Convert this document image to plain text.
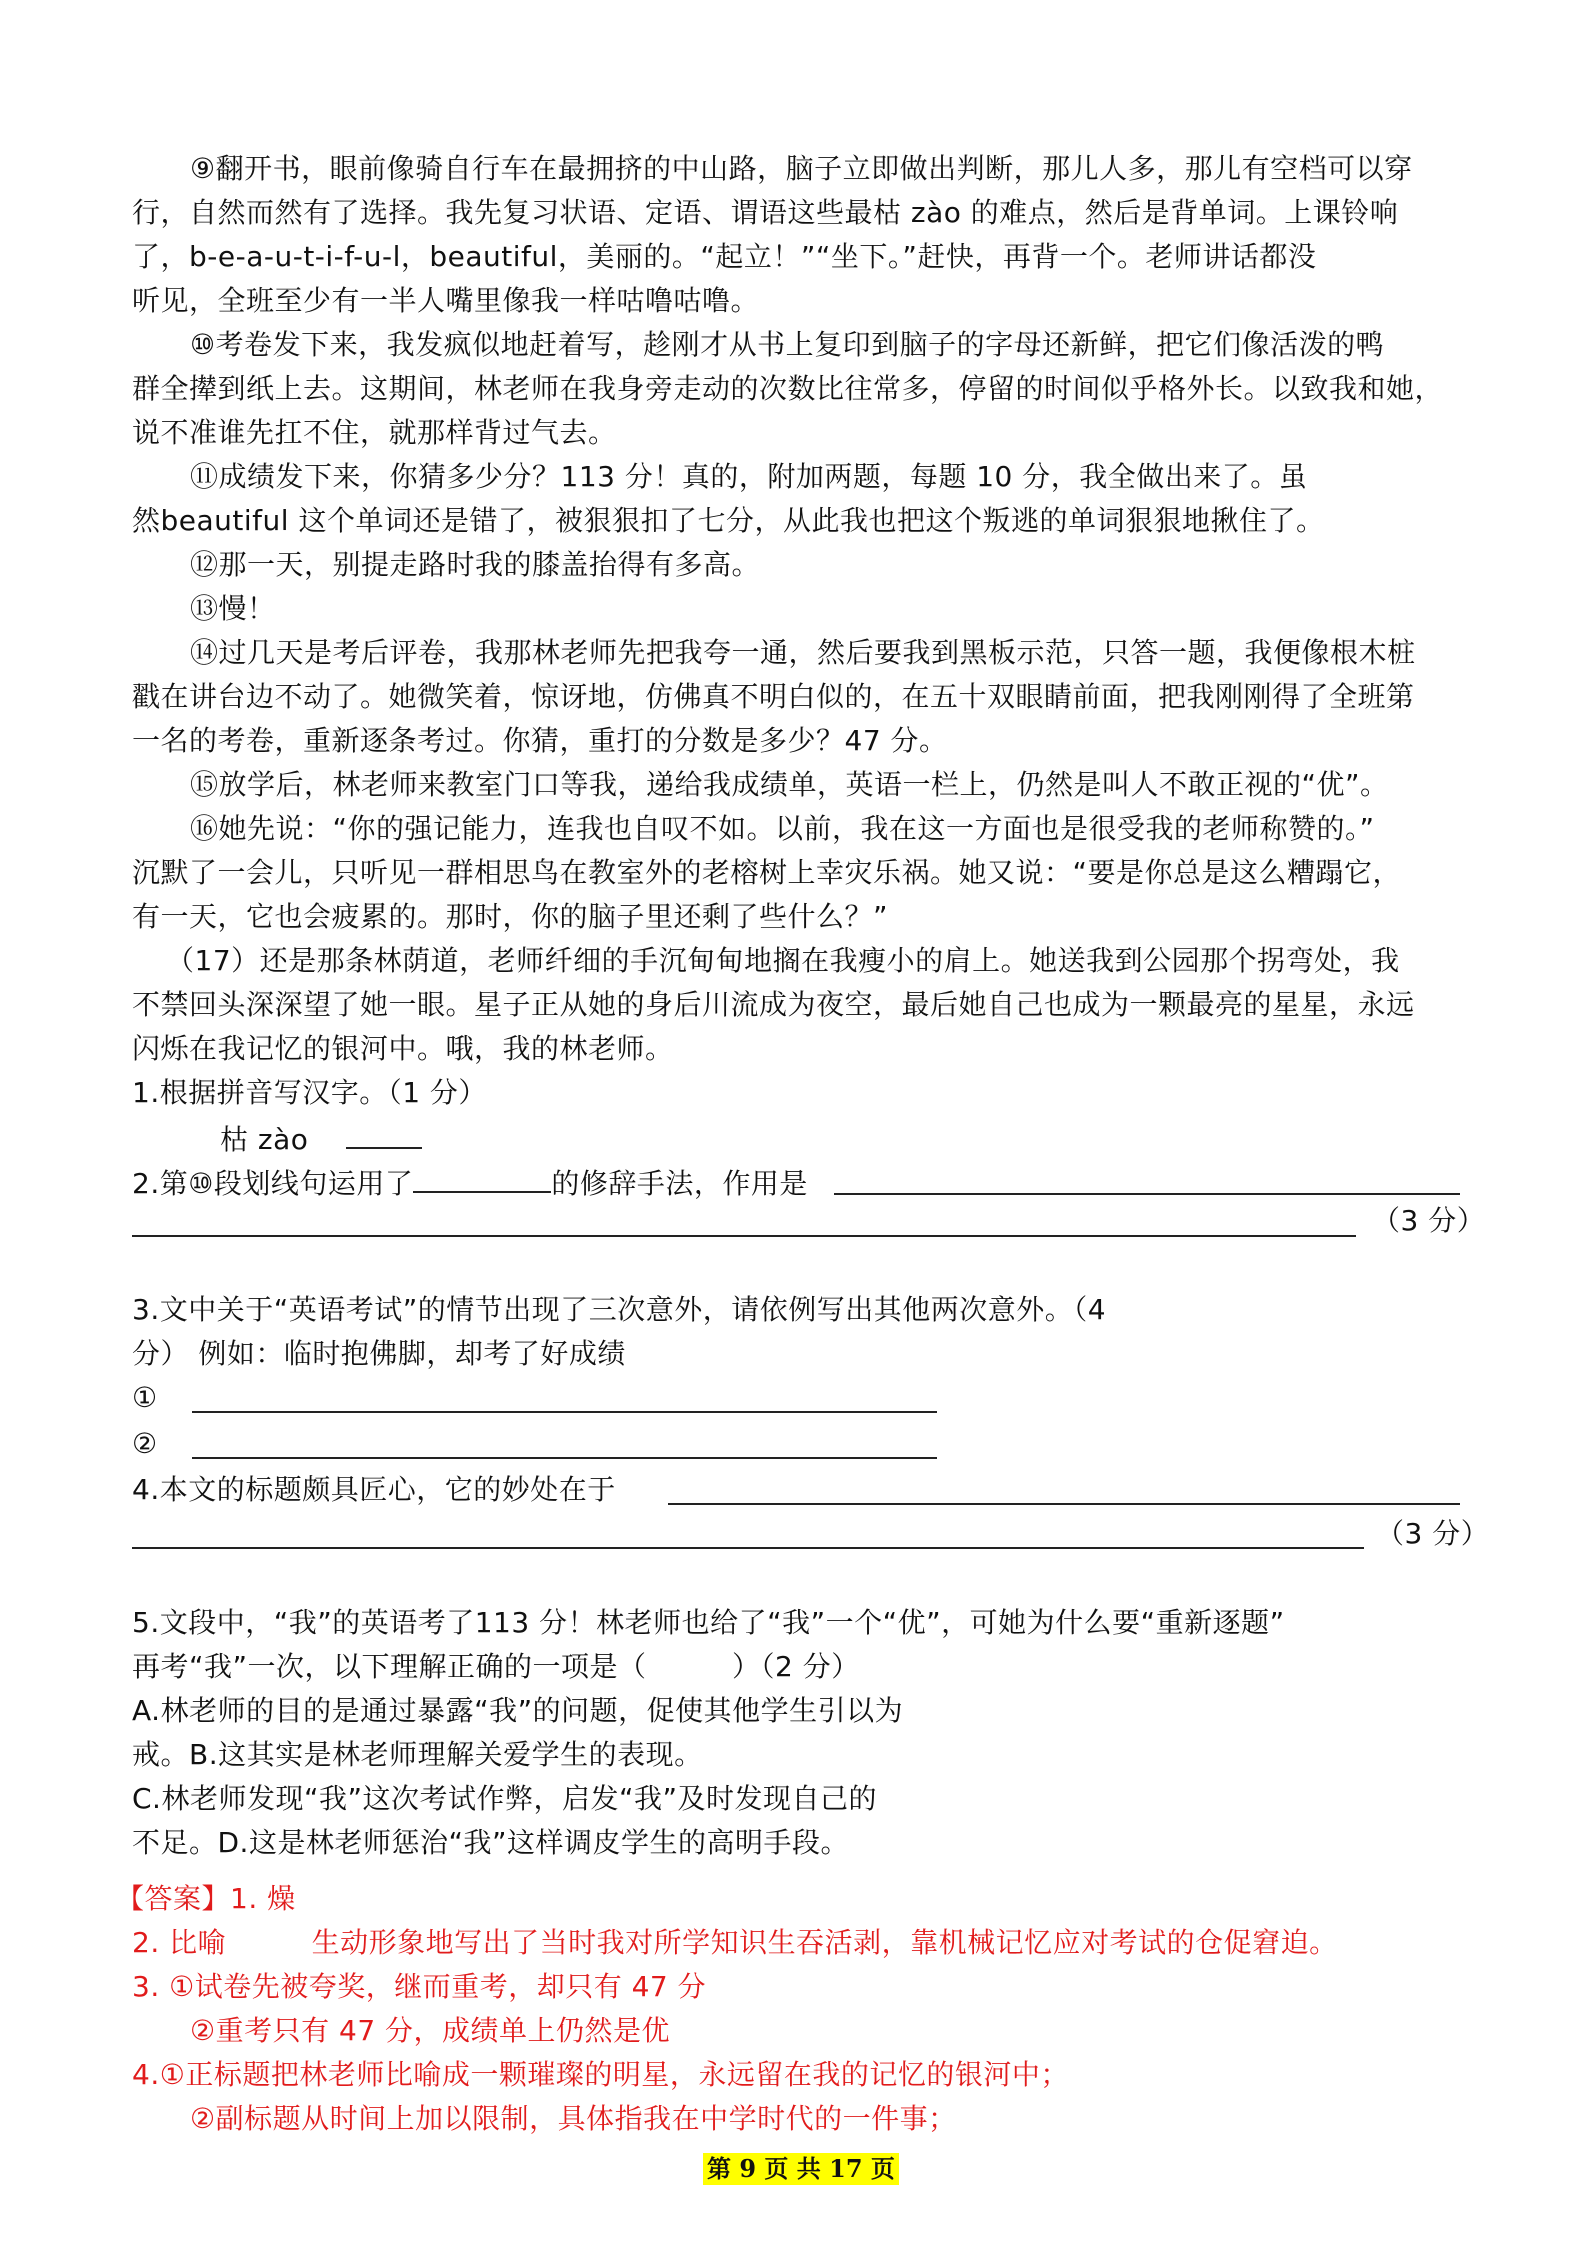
⑨翻开书，眼前像骑自行车在最拥挤的中山路，脑子立即做出判断，那儿人多，那儿有空档可以穿
行，自然而然有了选择。我先复习状语、定语、谓语这些最枯 zào 的难点，然后是背单词。上课铃响
了，b-e-a-u-t-i-f-u-l，beautiful，美丽的。“起立！”“坐下。”赶快，再背一个。老师讲话都没
听见，全班至少有一半人嘴里像我一样咕噜咕噜。
⑩考卷发下来，我发疯似地赶着写，趁刚才从书上复印到脑子的字母还新鲜，把它们像活泼的鸭
群全撵到纸上去。这期间，林老师在我身旁走动的次数比往常多，停留的时间似乎格外长。以致我和她，
说不准谁先扛不住，就那样背过气去。
⑪成绩发下来，你猜多少分？113 分！真的，附加两题，每题 10 分，我全做出来了。虽
然beautiful 这个单词还是错了，被狠狠扣了七分，从此我也把这个叛逃的单词狠狠地揪住了。
⑫那一天，别提走路时我的膝盖抬得有多高。
⑬慢！
⑭过几天是考后评卷，我那林老师先把我夸一通，然后要我到黑板示范，只答一题，我便像根木桩
戳在讲台边不动了。她微笑着，惊讶地，仿佛真不明白似的，在五十双眼睛前面，把我刚刚得了全班第
一名的考卷，重新逐条考过。你猜，重打的分数是多少？47 分。
⑮放学后，林老师来教室门口等我，递给我成绩单，英语一栏上，仍然是叫人不敢正视的“优”。
⑯她先说：“你的强记能力，连我也自叹不如。以前，我在这一方面也是很受我的老师称赞的。”
沉默了一会儿，只听见一群相思鸟在教室外的老榕树上幸灾乐祸。她又说：“要是你总是这么糟蹋它，
有一天，它也会疲累的。那时，你的脑子里还剩了些什么？”
（17）还是那条林荫道，老师纤细的手沉甸甸地搁在我瘦小的肩上。她送我到公园那个拐弯处，我
不禁回头深深望了她一眼。星子正从她的身后川流成为夜空，最后她自己也成为一颗最亮的星星，永远
闪烁在我记忆的银河中。哦，我的林老师。
1.根据拼音写汉字。（1 分）
枯 zào
2.第⑩段划线句运用了	的修辞手法，作用是
（3 分）
3.文中关于“英语考试”的情节出现了三次意外，请依例写出其他两次意外。（4
分） 例如：临时抱佛脚，却考了好成绩
①
②
4.本文的标题颇具匠心，它的妙处在于
（3 分）
5.文段中，“我”的英语考了113 分！林老师也给了“我”一个“优”，可她为什么要“重新逐题”
再考“我”一次，以下理解正确的一项是（　　　）（2 分）
A.林老师的目的是通过暴露“我”的问题，促使其他学生引以为
戒。B.这其实是林老师理解关爱学生的表现。
C.林老师发现“我”这次考试作弊，启发“我”及时发现自己的
不足。D.这是林老师惩治“我”这样调皮学生的高明手段。
【答案】1. 燥
2. 比喻　　　生动形象地写出了当时我对所学知识生吞活剥，靠机械记忆应对考试的仓促窘迫。
3. ①试卷先被夸奖，继而重考，却只有 47 分
②重考只有 47 分，成绩单上仍然是优
4.①正标题把林老师比喻成一颗璀璨的明星，永远留在我的记忆的银河中；
②副标题从时间上加以限制，具体指我在中学时代的一件事；
第 9 页 共 17 页
